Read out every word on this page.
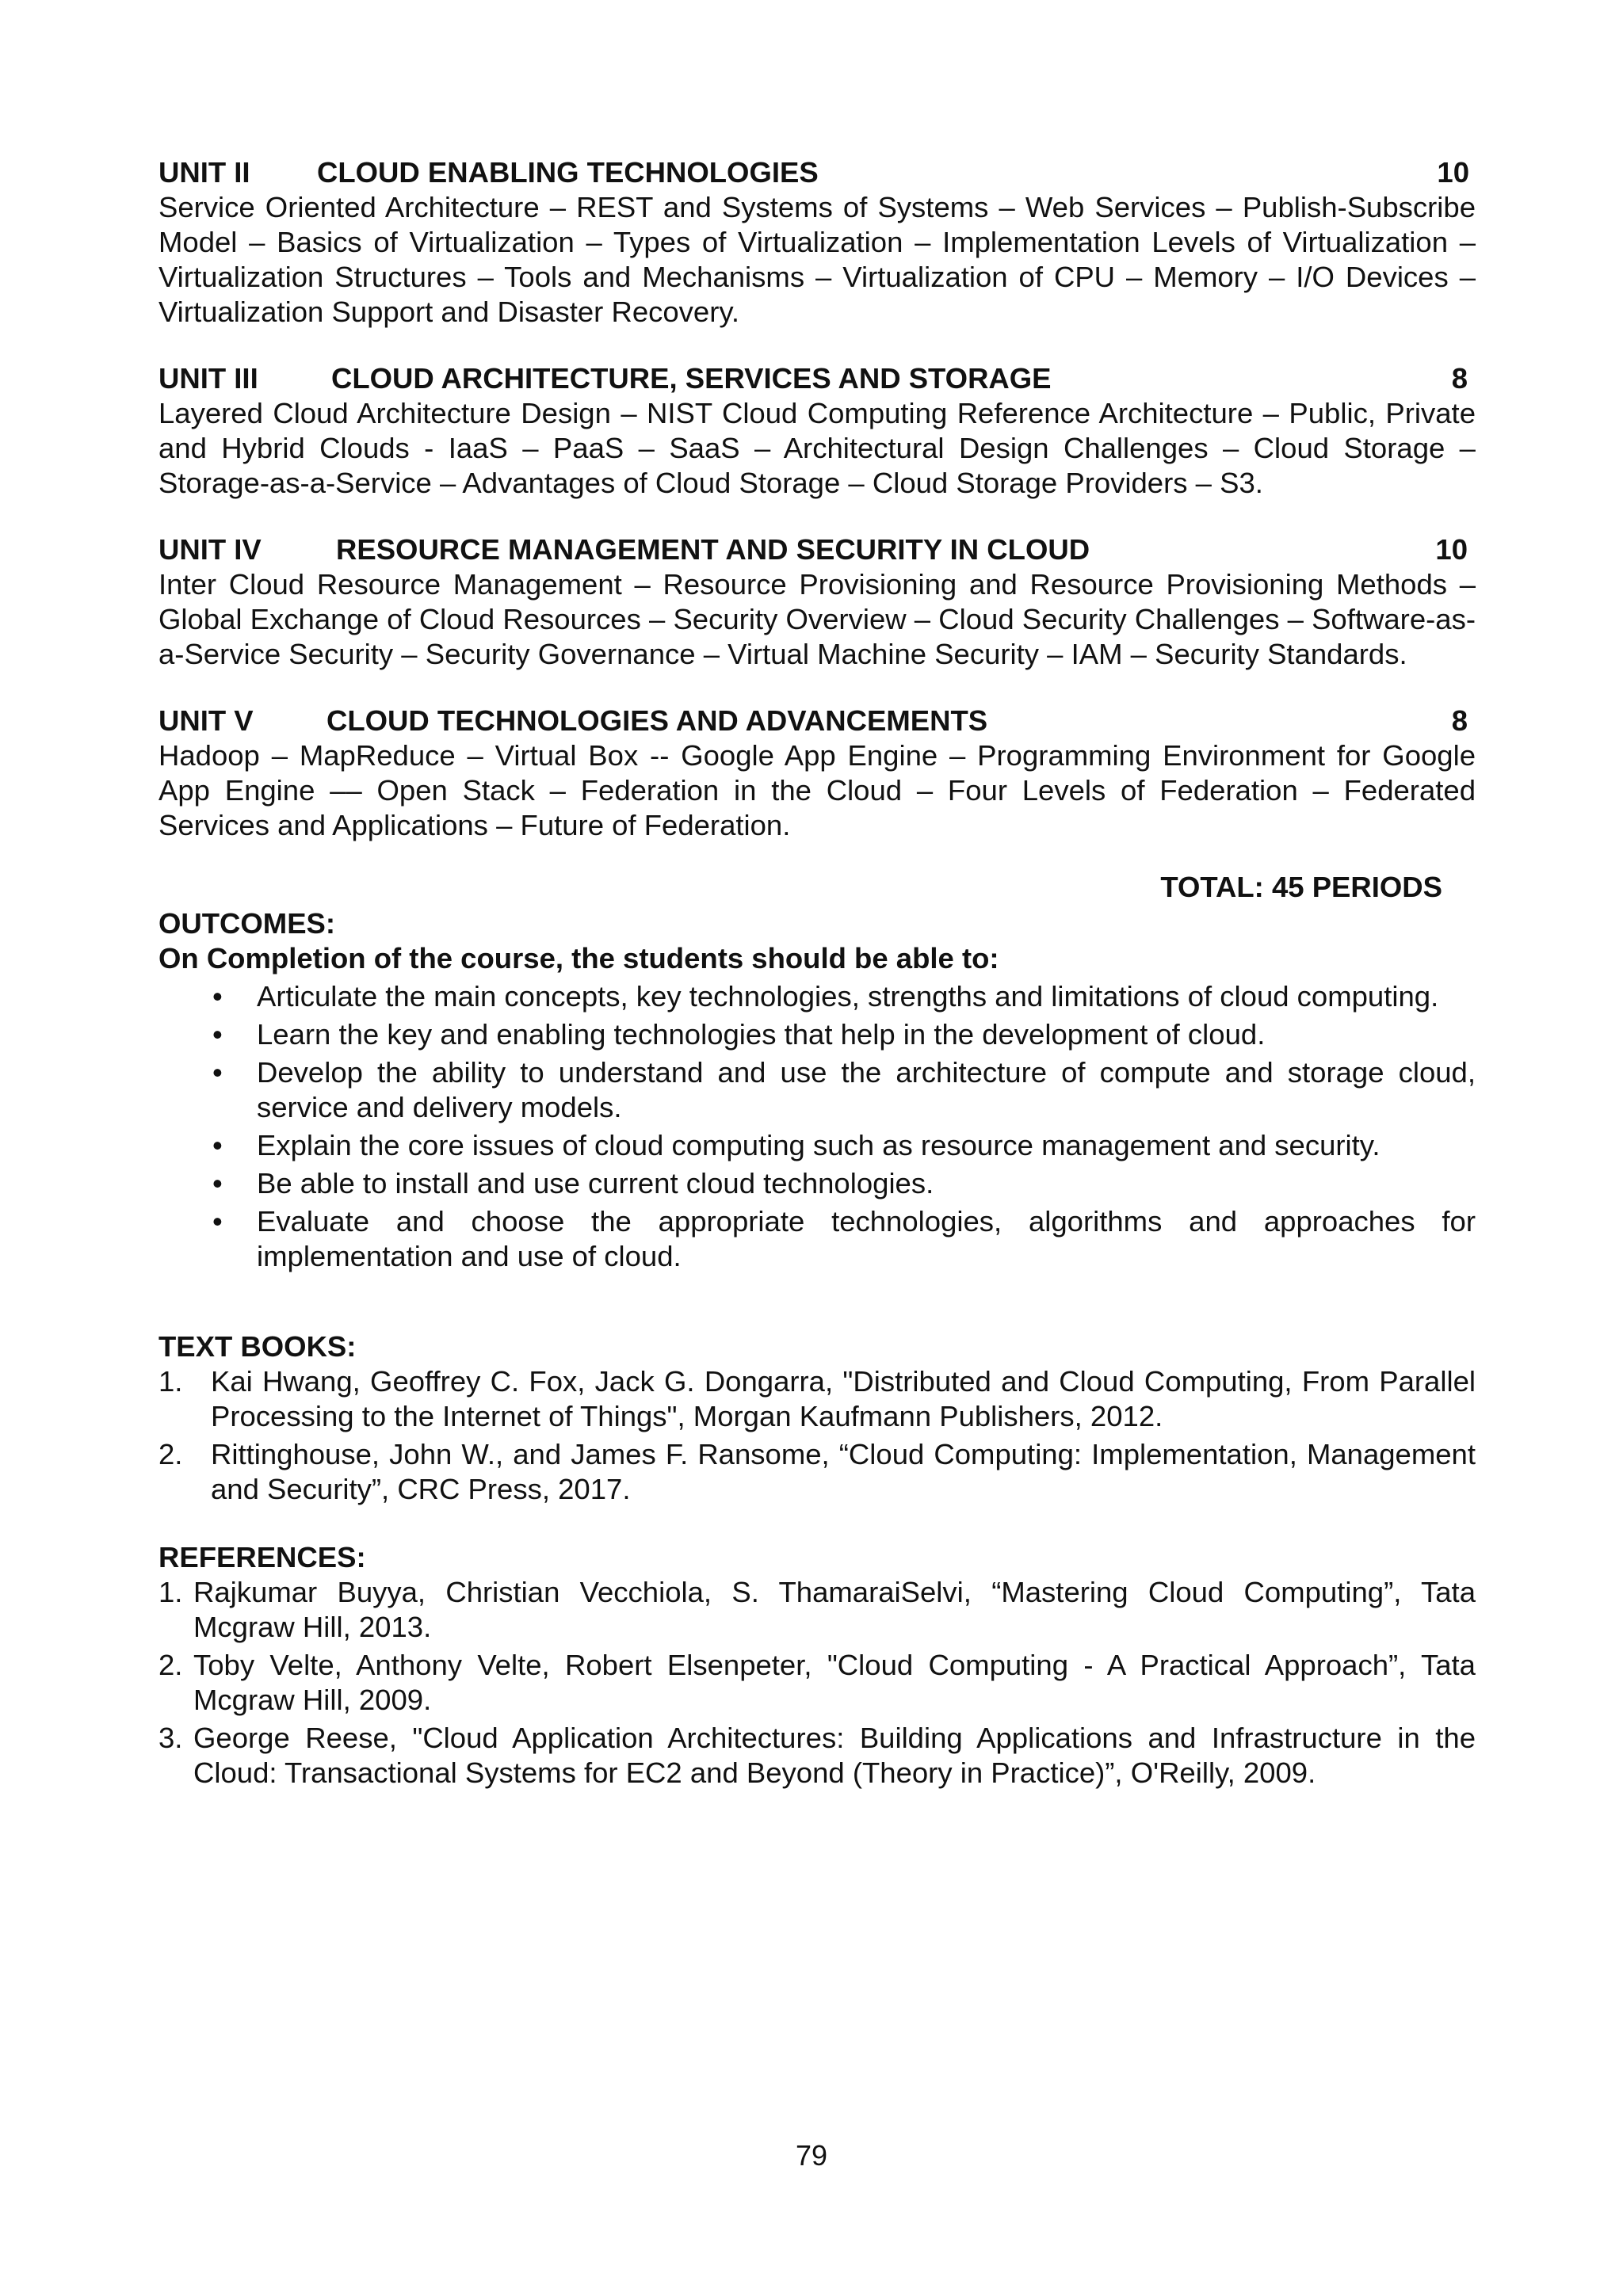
UNIT II	CLOUD ENABLING TECHNOLOGIES	10
Service Oriented Architecture – REST and Systems of Systems – Web Services – Publish-Subscribe Model – Basics of Virtualization – Types of Virtualization – Implementation Levels of Virtualization – Virtualization Structures – Tools and Mechanisms – Virtualization of CPU – Memory – I/O Devices –Virtualization Support and Disaster Recovery.
UNIT III	CLOUD ARCHITECTURE, SERVICES AND STORAGE	8
Layered Cloud Architecture Design – NIST Cloud Computing Reference Architecture – Public, Private and Hybrid Clouds - IaaS – PaaS – SaaS – Architectural Design Challenges – Cloud Storage – Storage-as-a-Service – Advantages of Cloud Storage – Cloud Storage Providers – S3.
UNIT IV	RESOURCE MANAGEMENT AND SECURITY IN CLOUD	10
Inter Cloud Resource Management – Resource Provisioning and Resource Provisioning Methods – Global Exchange of Cloud Resources – Security Overview – Cloud Security Challenges – Software-as-a-Service Security – Security Governance – Virtual Machine Security – IAM – Security Standards.
UNIT V	CLOUD TECHNOLOGIES AND ADVANCEMENTS	8
Hadoop – MapReduce – Virtual Box -- Google App Engine – Programming Environment for Google App Engine –– Open Stack – Federation in the Cloud – Four Levels of Federation – Federated Services and Applications – Future of Federation.
TOTAL: 45 PERIODS
OUTCOMES:
On Completion of the course, the students should be able to:
• Articulate the main concepts, key technologies, strengths and limitations of cloud computing.
• Learn the key and enabling technologies that help in the development of cloud.
• Develop the ability to understand and use the architecture of compute and storage cloud, service and delivery models.
• Explain the core issues of cloud computing such as resource management and security.
• Be able to install and use current cloud technologies.
• Evaluate and choose the appropriate technologies, algorithms and approaches for implementation and use of cloud.
TEXT BOOKS:
1. Kai Hwang, Geoffrey C. Fox, Jack G. Dongarra, "Distributed and Cloud Computing, From Parallel Processing to the Internet of Things", Morgan Kaufmann Publishers, 2012.
2. Rittinghouse, John W., and James F. Ransome, “Cloud Computing: Implementation, Management and Security”, CRC Press, 2017.
REFERENCES:
1. Rajkumar Buyya, Christian Vecchiola, S. ThamaraiSelvi, “Mastering Cloud Computing”, Tata Mcgraw Hill, 2013.
2. Toby Velte, Anthony Velte, Robert Elsenpeter, "Cloud Computing - A Practical Approach”, Tata Mcgraw Hill, 2009.
3. George Reese, "Cloud Application Architectures: Building Applications and Infrastructure in the Cloud: Transactional Systems for EC2 and Beyond (Theory in Practice)”, O'Reilly, 2009.
79
